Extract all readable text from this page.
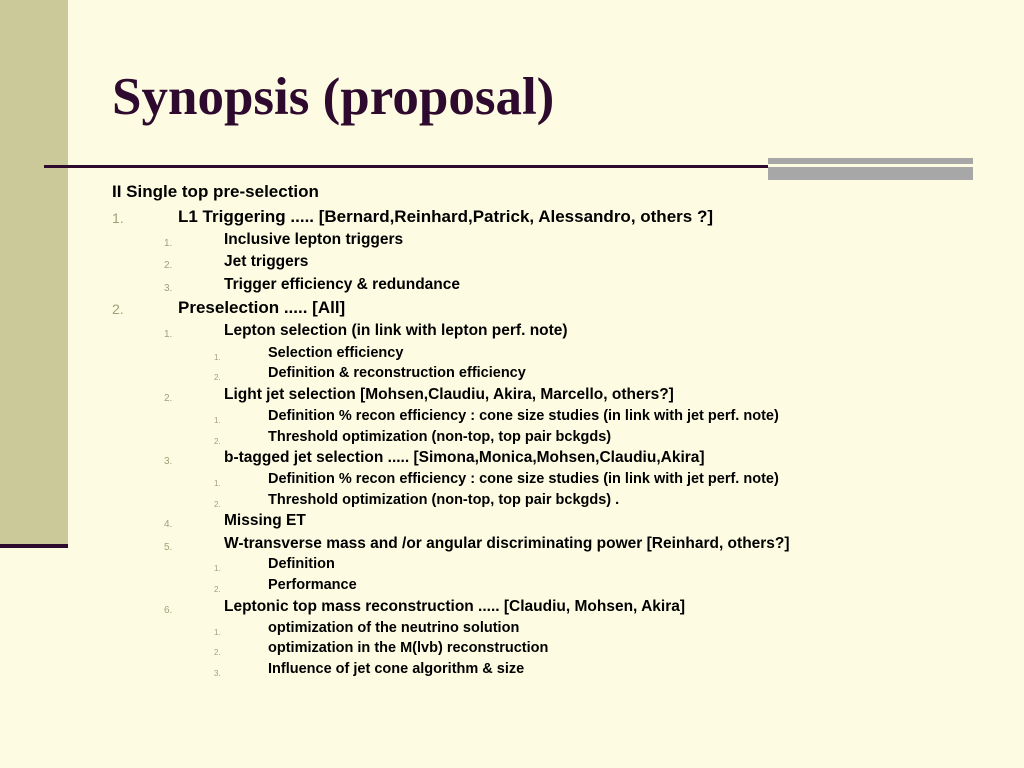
Synopsis (proposal)
II Single top pre-selection
1.	L1 Triggering ..... [Bernard,Reinhard,Patrick, Alessandro, others ?]
1.	Inclusive lepton triggers
2.	Jet triggers
3.	Trigger efficiency & redundance
2.	Preselection ..... [All]
1.	Lepton selection (in link with lepton perf. note)
1.	Selection efficiency
2.	Definition & reconstruction efficiency
2.	Light jet selection [Mohsen,Claudiu, Akira, Marcello, others?]
1.	Definition % recon efficiency : cone size studies (in link with jet perf. note)
2.	Threshold optimization (non-top, top pair bckgds)
3.	b-tagged jet selection ..... [Simona,Monica,Mohsen,Claudiu,Akira]
1.	Definition % recon efficiency : cone size studies (in link with jet perf. note)
2.	Threshold optimization (non-top, top pair bckgds) .
4.	Missing ET
5.	W-transverse mass and /or angular discriminating power [Reinhard, others?]
1.	Definition
2.	Performance
6.	Leptonic top mass reconstruction ..... [Claudiu, Mohsen, Akira]
1.	optimization of the neutrino solution
2.	optimization in the M(lvb) reconstruction
3.	Influence of jet cone algorithm & size
